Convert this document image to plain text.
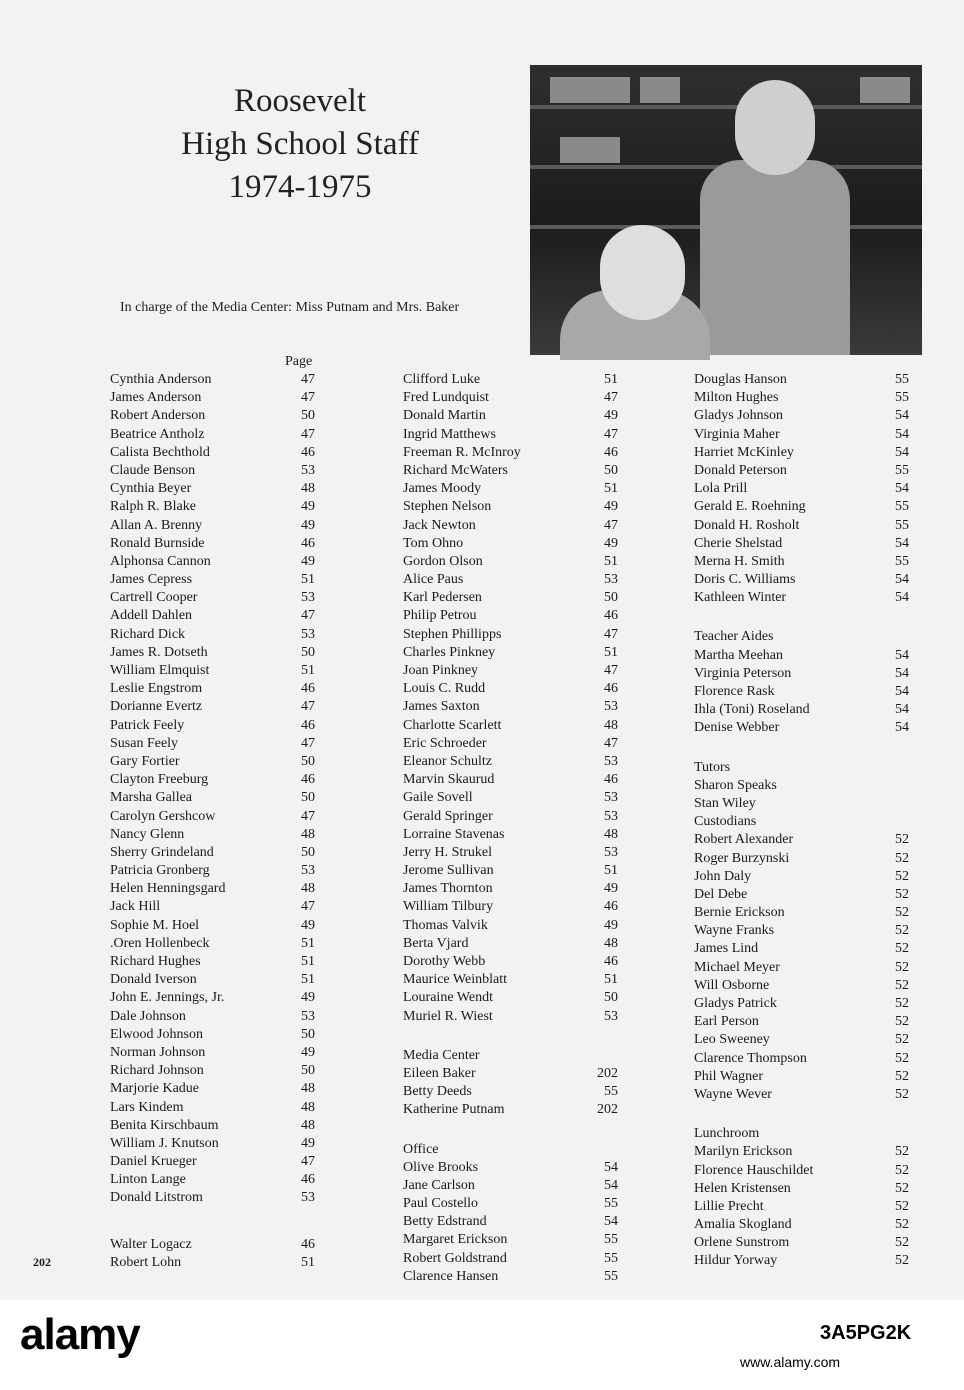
Roosevelt
High School Staff
1974-1975
In charge of the Media Center: Miss Putnam and Mrs. Baker
Page
Cynthia Anderson	47
James Anderson	47
Robert Anderson	50
Beatrice Antholz	47
Calista Bechthold	46
Claude Benson	53
Cynthia Beyer	48
Ralph R. Blake	49
Allan A. Brenny	49
Ronald Burnside	46
Alphonsa Cannon	49
James Cepress	51
Cartrell Cooper	53
Addell Dahlen	47
Richard Dick	53
James R. Dotseth	50
William Elmquist	51
Leslie Engstrom	46
Dorianne Evertz	47
Patrick Feely	46
Susan Feely	47
Gary Fortier	50
Clayton Freeburg	46
Marsha Gallea	50
Carolyn Gershcow	47
Nancy Glenn	48
Sherry Grindeland	50
Patricia Gronberg	53
Helen Henningsgard	48
Jack Hill	47
Sophie M. Hoel	49
.Oren Hollenbeck	51
Richard Hughes	51
Donald Iverson	51
John E. Jennings, Jr.	49
Dale Johnson	53
Elwood Johnson	50
Norman Johnson	49
Richard Johnson	50
Marjorie Kadue	48
Lars Kindem	48
Benita Kirschbaum	48
William J. Knutson	49
Daniel Krueger	47
Linton Lange	46
Donald Litstrom	53
Walter Logacz	46
Robert Lohn	51
Clifford Luke	51
Fred Lundquist	47
Donald Martin	49
Ingrid Matthews	47
Freeman R. McInroy	46
Richard McWaters	50
James Moody	51
Stephen Nelson	49
Jack Newton	47
Tom Ohno	49
Gordon Olson	51
Alice Paus	53
Karl Pedersen	50
Philip Petrou	46
Stephen Phillipps	47
Charles Pinkney	51
Joan Pinkney	47
Louis C. Rudd	46
James Saxton	53
Charlotte Scarlett	48
Eric Schroeder	47
Eleanor Schultz	53
Marvin Skaurud	46
Gaile Sovell	53
Gerald Springer	53
Lorraine Stavenas	48
Jerry H. Strukel	53
Jerome Sullivan	51
James Thornton	49
William Tilbury	46
Thomas Valvik	49
Berta Vjard	48
Dorothy Webb	46
Maurice Weinblatt	51
Louraine Wendt	50
Muriel R. Wiest	53
Media Center
Eileen Baker	202
Betty Deeds	55
Katherine Putnam	202
Office
Olive Brooks	54
Jane Carlson	54
Paul Costello	55
Betty Edstrand	54
Margaret Erickson	55
Robert Goldstrand	55
Clarence Hansen	55
Douglas Hanson	55
Milton Hughes	55
Gladys Johnson	54
Virginia Maher	54
Harriet McKinley	54
Donald Peterson	55
Lola Prill	54
Gerald E. Roehning	55
Donald H. Rosholt	55
Cherie Shelstad	54
Merna H. Smith	55
Doris C. Williams	54
Kathleen Winter	54
Teacher Aides
Martha Meehan	54
Virginia Peterson	54
Florence Rask	54
Ihla (Toni) Roseland	54
Denise Webber	54
Tutors
Sharon Speaks
Stan Wiley
Custodians
Robert Alexander	52
Roger Burzynski	52
John Daly	52
Del Debe	52
Bernie Erickson	52
Wayne Franks	52
James Lind	52
Michael Meyer	52
Will Osborne	52
Gladys Patrick	52
Earl Person	52
Leo Sweeney	52
Clarence Thompson	52
Phil Wagner	52
Wayne Wever	52
Lunchroom
Marilyn Erickson	52
Florence Hauschildet	52
Helen Kristensen	52
Lillie Precht	52
Amalia Skogland	52
Orlene Sunstrom	52
Hildur Yorway	52
202
alamy	3A5PG2K
www.alamy.com
